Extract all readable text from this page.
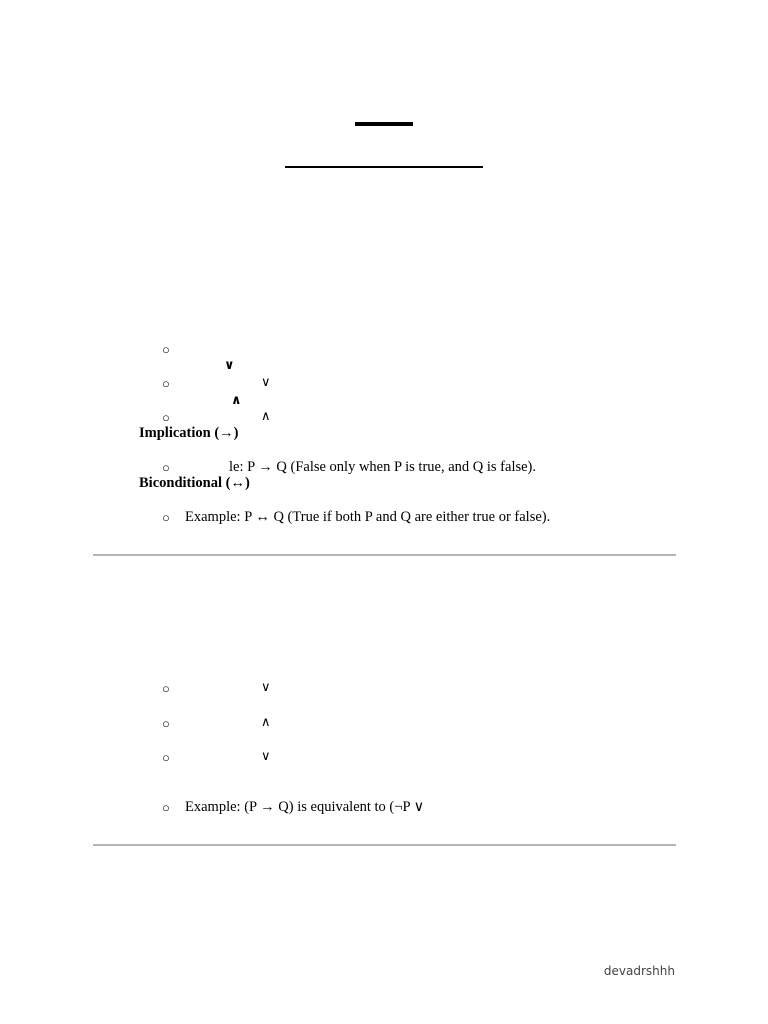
○
∨
○	∨
∧
○	∧
Implication (→)
○	le: P → Q (False only when P is true, and Q is false).
Biconditional (↔)
○ Example: P ↔ Q (True if both P and Q are either true or false).
○	∨
○	∧
○	∨
○ Example: (P → Q) is equivalent to (¬P ∨
devadrshhh
